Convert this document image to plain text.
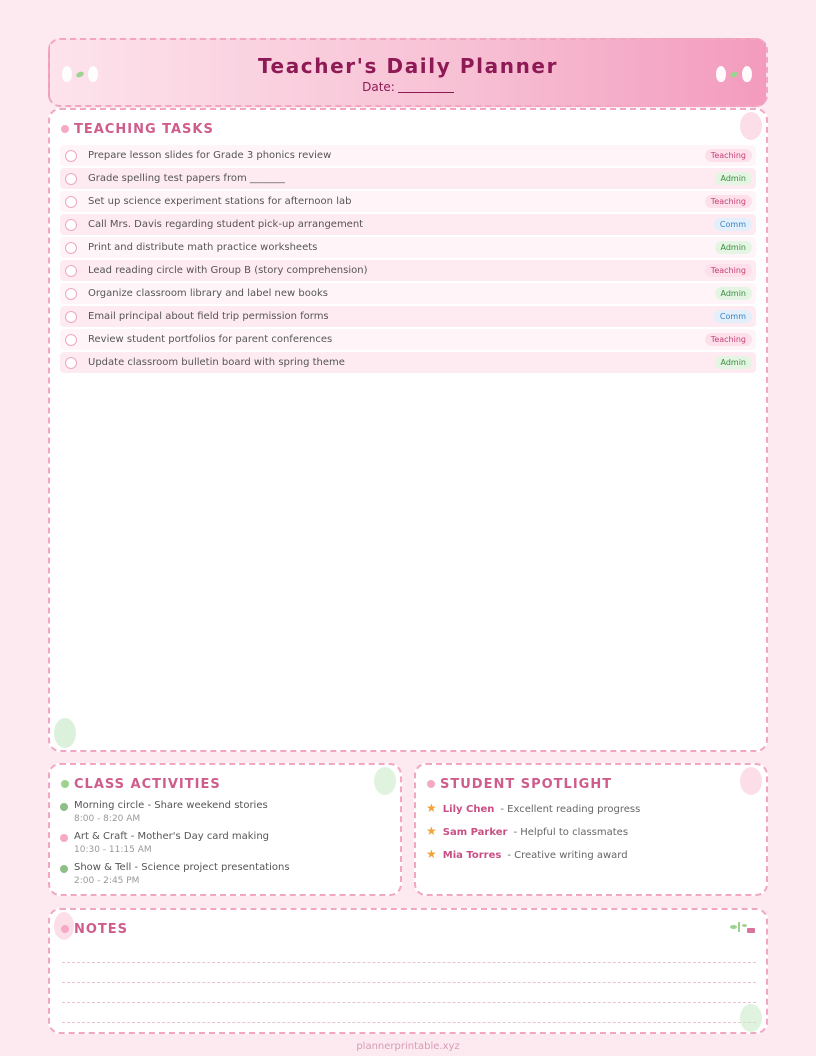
Teacher's Daily Planner
Date:
TEACHING TASKS
Prepare lesson slides for Grade 3 phonics review	Teaching
Grade spelling test papers from _______	Admin
Set up science experiment stations for afternoon lab	Teaching
Call Mrs. Davis regarding student pick-up arrangement	Comm
Print and distribute math practice worksheets	Admin
Lead reading circle with Group B (story comprehension)	Teaching
Organize classroom library and label new books	Admin
Email principal about field trip permission forms	Comm
Review student portfolios for parent conferences	Teaching
Update classroom bulletin board with spring theme	Admin
CLASS ACTIVITIES
Morning circle - Share weekend stories
8:00 - 8:20 AM
Art & Craft - Mother's Day card making
10:30 - 11:15 AM
Show & Tell - Science project presentations
2:00 - 2:45 PM
STUDENT SPOTLIGHT
★ Lily Chen - Excellent reading progress
★ Sam Parker - Helpful to classmates
★ Mia Torres - Creative writing award
NOTES
plannerprintable.xyz
